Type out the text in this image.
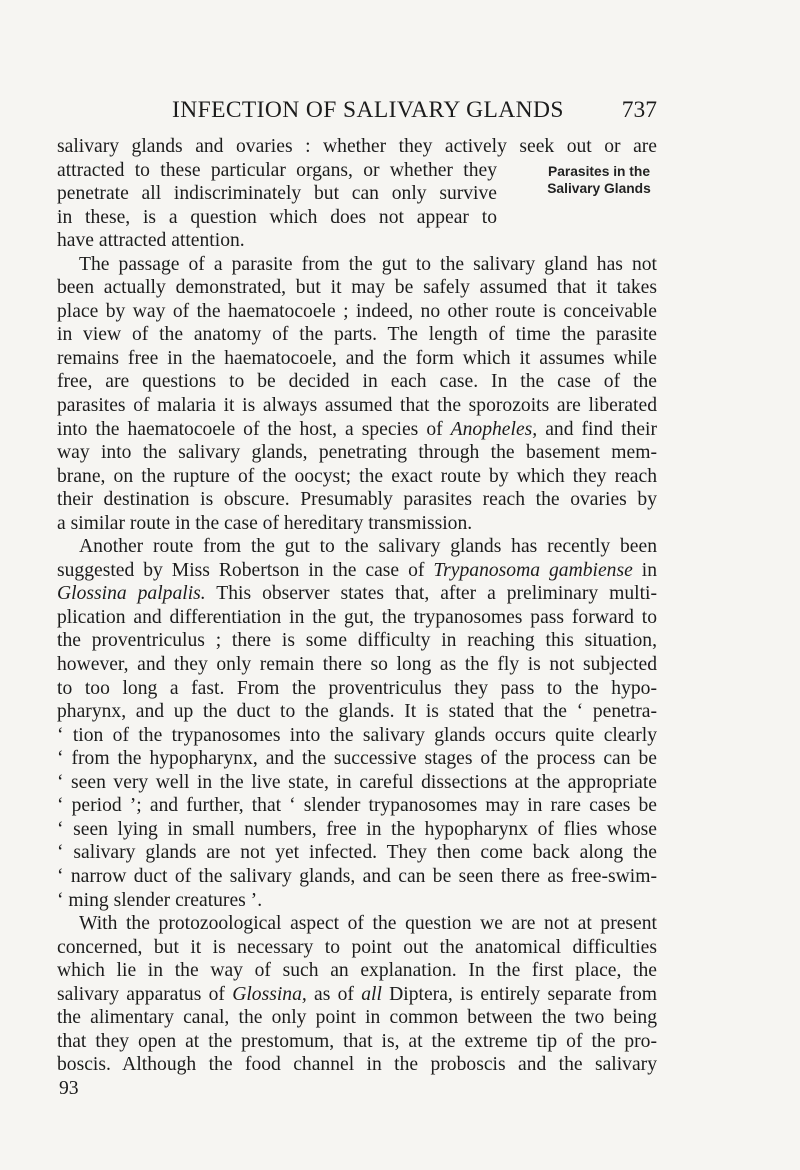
INFECTION OF SALIVARY GLANDS 737
salivary glands and ovaries : whether they actively seek out or are
attracted to these particular organs, or whether they
penetrate all indiscriminately but can only survive
in these, is a question which does not appear to
have attracted attention.
Parasites in the
Salivary Glands
The passage of a parasite from the gut to the salivary gland has not
been actually demonstrated, but it may be safely assumed that it takes
place by way of the haematocoele ; indeed, no other route is conceivable
in view of the anatomy of the parts. The length of time the parasite
remains free in the haematocoele, and the form which it assumes while
free, are questions to be decided in each case. In the case of the
parasites of malaria it is always assumed that the sporozoits are liberated
into the haematocoele of the host, a species of Anopheles, and find their
way into the salivary glands, penetrating through the basement mem-
brane, on the rupture of the oocyst; the exact route by which they reach
their destination is obscure. Presumably parasites reach the ovaries by
a similar route in the case of hereditary transmission.
Another route from the gut to the salivary glands has recently been
suggested by Miss Robertson in the case of Trypanosoma gambiense in
Glossina palpalis. This observer states that, after a preliminary multi-
plication and differentiation in the gut, the trypanosomes pass forward to
the proventriculus ; there is some difficulty in reaching this situation,
however, and they only remain there so long as the fly is not subjected
to too long a fast. From the proventriculus they pass to the hypo-
pharynx, and up the duct to the glands. It is stated that the ‘ penetra-
‘ tion of the trypanosomes into the salivary glands occurs quite clearly
‘ from the hypopharynx, and the successive stages of the process can be
‘ seen very well in the live state, in careful dissections at the appropriate
‘ period ’; and further, that ‘ slender trypanosomes may in rare cases be
‘ seen lying in small numbers, free in the hypopharynx of flies whose
‘ salivary glands are not yet infected. They then come back along the
‘ narrow duct of the salivary glands, and can be seen there as free-swim-
‘ ming slender creatures ’.
With the protozoological aspect of the question we are not at present
concerned, but it is necessary to point out the anatomical difficulties
which lie in the way of such an explanation. In the first place, the
salivary apparatus of Glossina, as of all Diptera, is entirely separate from
the alimentary canal, the only point in common between the two being
that they open at the prestomum, that is, at the extreme tip of the pro-
boscis. Although the food channel in the proboscis and the salivary
93
